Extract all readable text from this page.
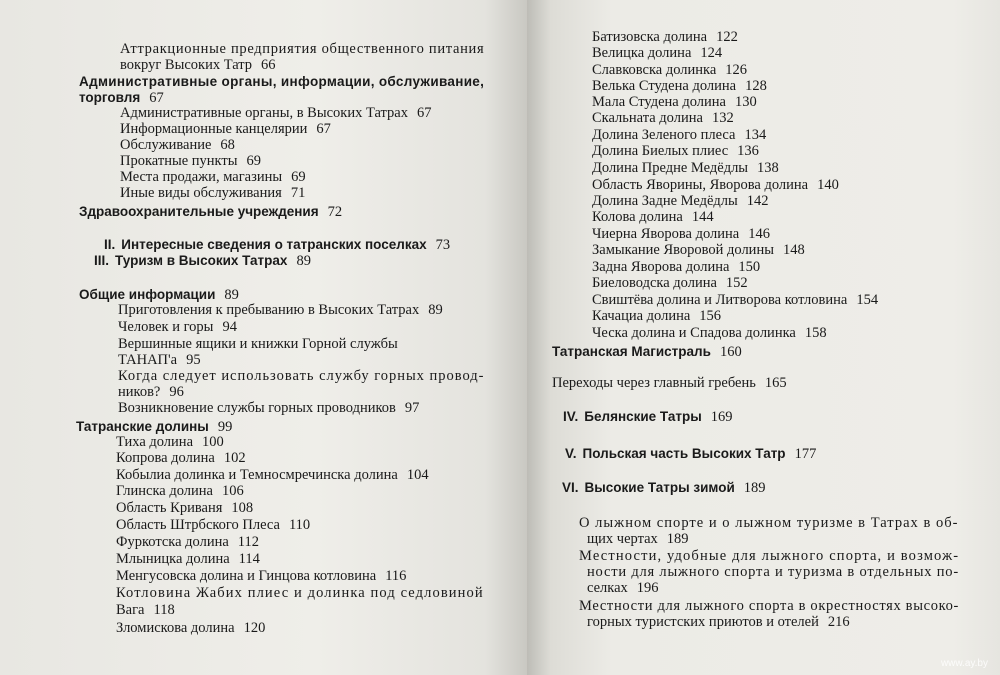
Аттракционные предприятия общественного питания
вокруг Высоких Татр 66
Административные органы, информации, обслуживание,
торговля 67
Административные органы, в Высоких Татрах 67
Информационные канцелярии 67
Обслуживание 68
Прокатные пункты 69
Места продажи, магазины 69
Иные виды обслуживания 71
Здравоохранительные учреждения 72
II. Интересные сведения о татранских поселках 73
III. Туризм в Высоких Татрах 89
Общие информации 89
Приготовления к пребыванию в Высоких Татрах 89
Человек и горы 94
Вершинные ящики и книжки Горной службы
ТАНАП'а 95
Когда следует использовать службу горных провод-
ников? 96
Возникновение службы горных проводников 97
Татранские долины 99
Тиха долина 100
Копрова долина 102
Кобылиа долинка и Темносмречинска долина 104
Глинска долина 106
Область Криваня 108
Область Штрбского Плеса 110
Фуркотска долина 112
Млыницка долина 114
Менгусовска долина и Гинцова котловина 116
Котловина Жабих плиес и долинка под седловиной
Вага 118
Зломискова долина 120
Батизовска долина 122
Велицка долина 124
Славковска долинка 126
Велька Студена долина 128
Мала Студена долина 130
Скальната долина 132
Долина Зеленого плеса 134
Долина Биелых плиес 136
Долина Предне Медёдлы 138
Область Яворины, Яворова долина 140
Долина Задне Медёдлы 142
Колова долина 144
Чиерна Яворова долина 146
Замыкание Яворовой долины 148
Задна Яворова долина 150
Биеловодска долина 152
Свиштёва долина и Литворова котловина 154
Качациа долина 156
Ческа долина и Спадова долинка 158
Татранская Магистраль 160
Переходы через главный гребень 165
IV. Белянские Татры 169
V. Польская часть Высоких Татр 177
VI. Высокие Татры зимой 189
О лыжном спорте и о лыжном туризме в Татрах в об-
щих чертах 189
Местности, удобные для лыжного спорта, и возмож-
ности для лыжного спорта и туризма в отдельных по-
селках 196
Местности для лыжного спорта в окрестностях высоко-
горных туристских приютов и отелей 216
www.ay.by
